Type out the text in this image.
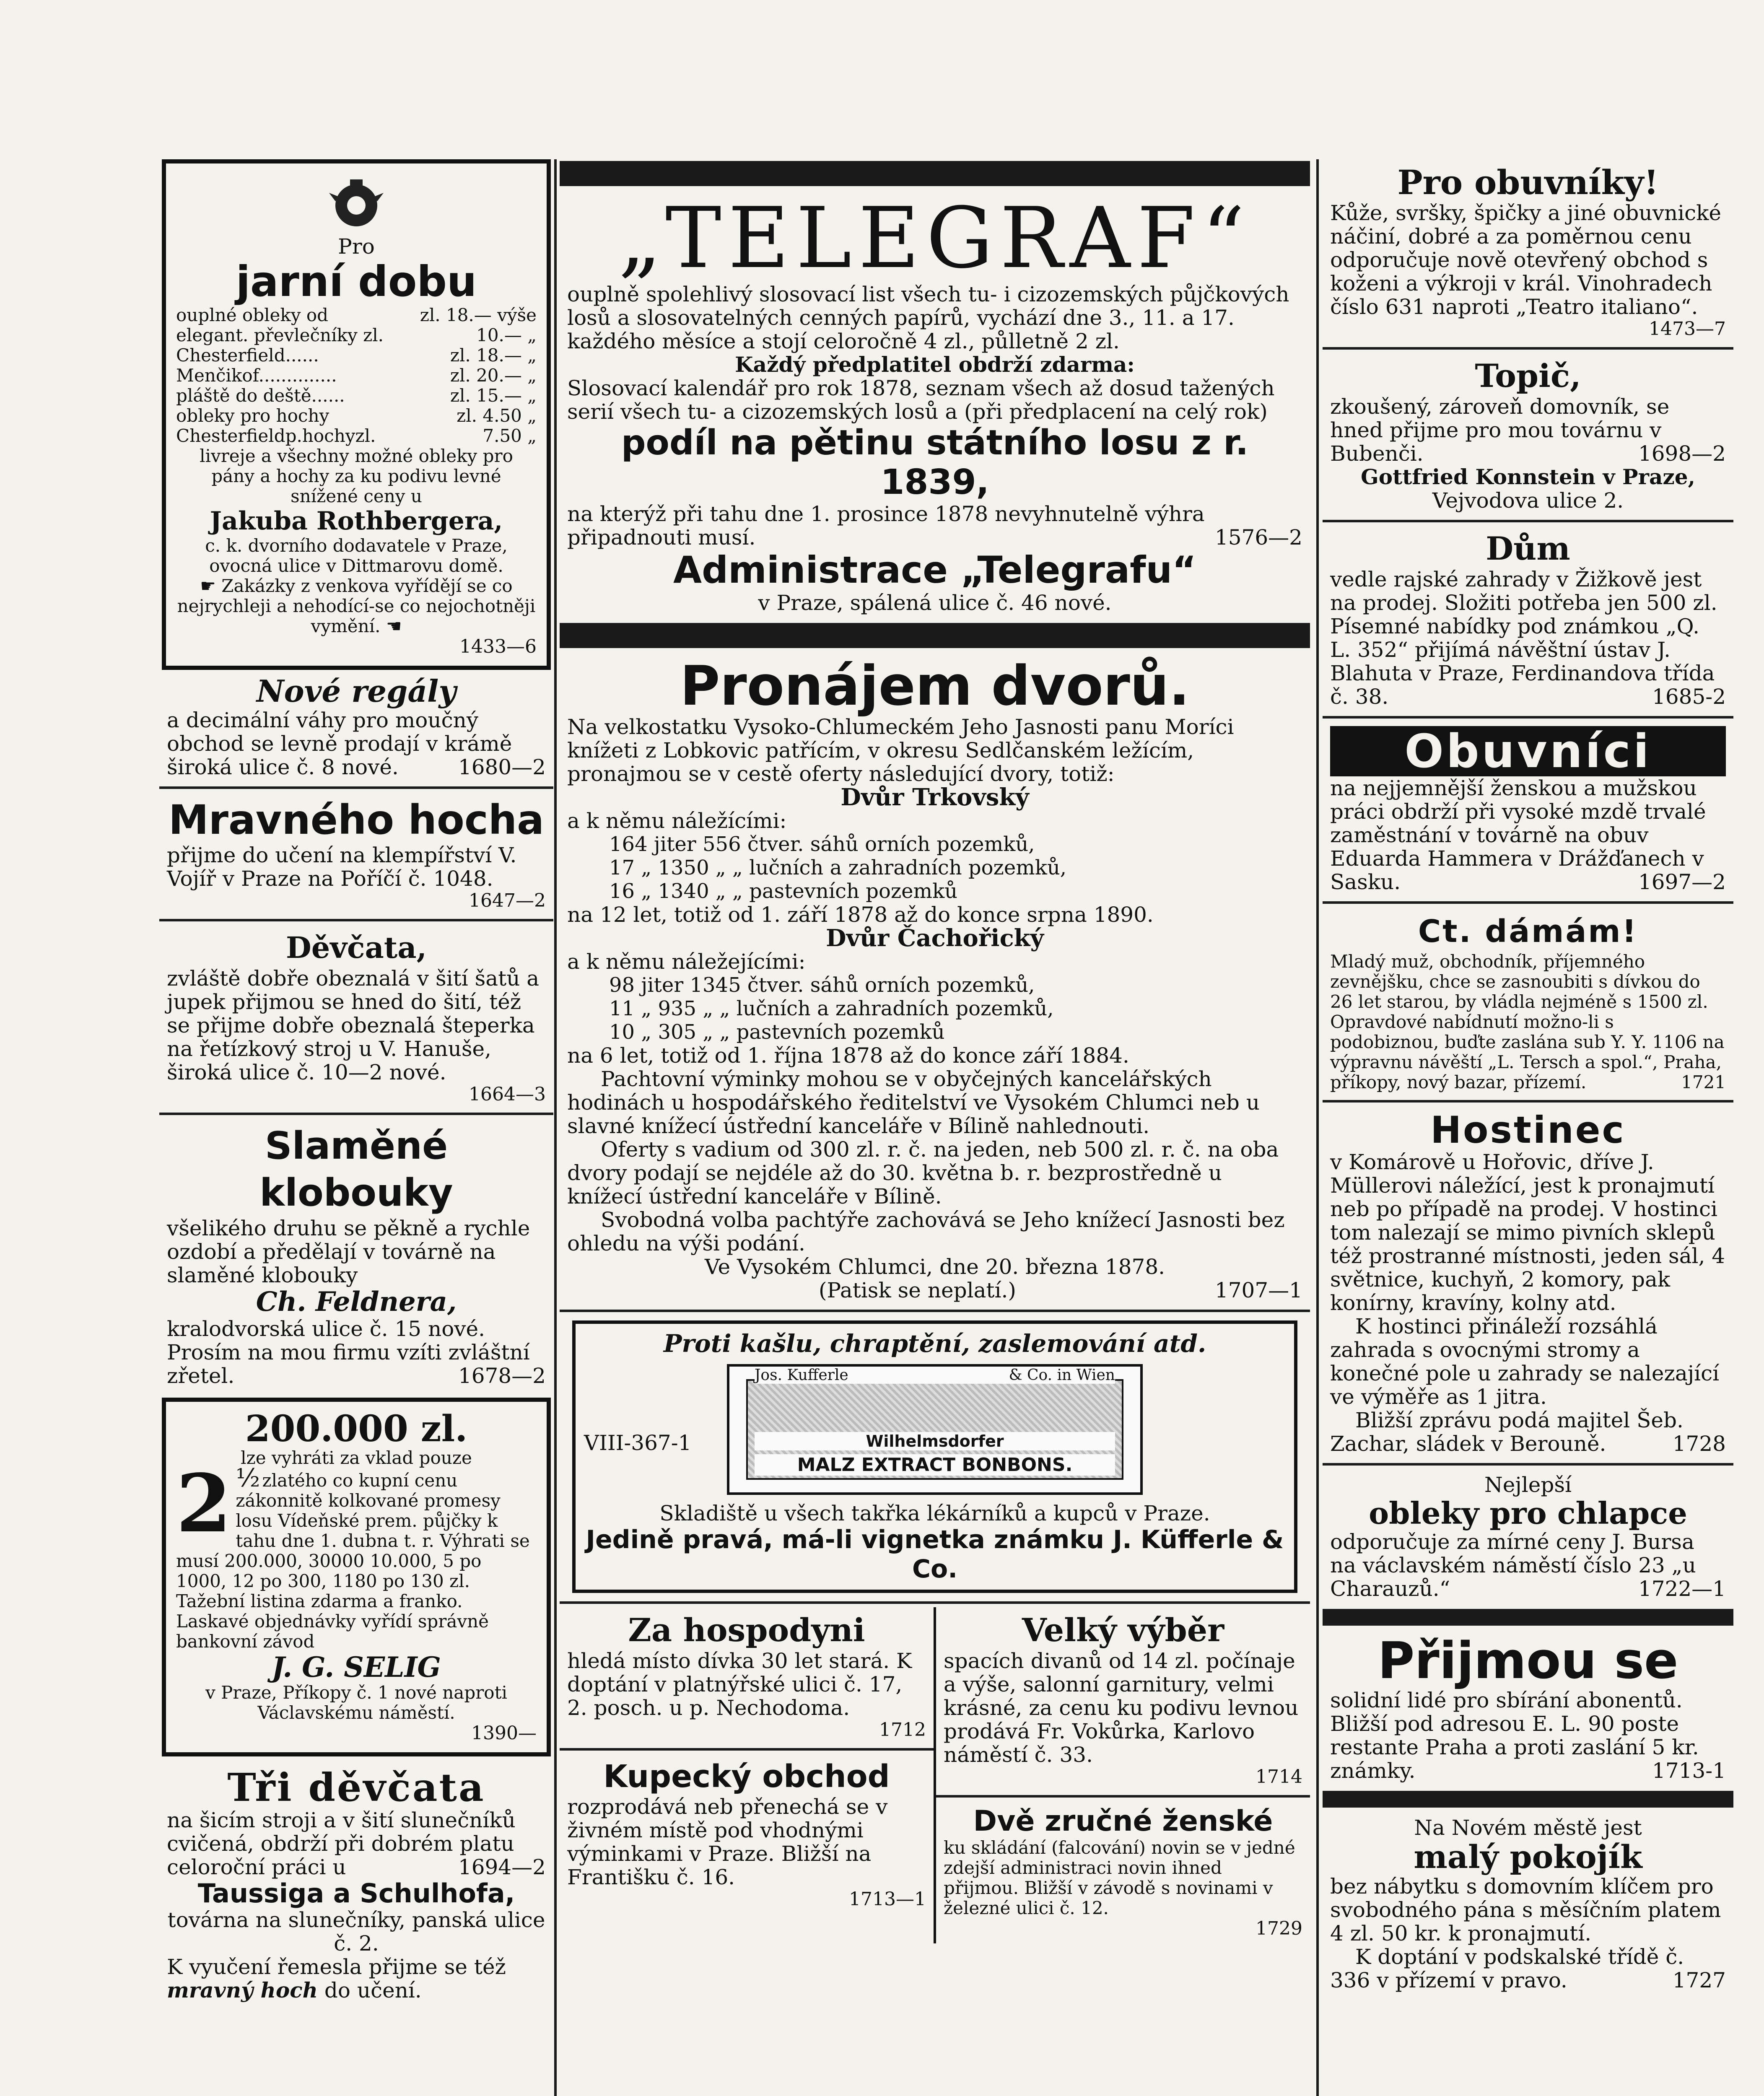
Pro

jarní dobu

ouplné obleky od	zl. 18.— výše
elegant. převlečníky zl.	10.— „
Chesterfield......	zl. 18.— „
Menčikof..............	zl. 20.— „
pláště do deště......	zl. 15.— „
obleky pro hochy	zl. 4.50 „
Chesterfieldp.hochyzl.	7.50 „

livreje a všechny možné obleky pro pány a hochy za ku podivu levné snížené ceny u

Jakuba Rothbergera,

c. k. dvorního dodavatele v Praze, ovocná ulice v Dittmarovu domě.

☛ Zakázky z venkova vyřídějí se co nejrychleji a nehodící-se co nejochotněji vymění. ☚

1433—6

Nové regály

a decimální váhy pro moučný obchod se levně prodají v krámě široká ulice č. 8 nové.	1680—2

Mravného hocha

přijme do učení na klempířství V. Vojíř v Praze na Poříčí č. 1048.

1647—2

Děvčata,

zvláště dobře obeznalá v šití šatů a jupek přijmou se hned do šití, též se přijme dobře obeznalá šteperka na řetízkový stroj u V. Hanuše, široká ulice č. 10—2 nové.

1664—3

Slaměné klobouky

všelikého druhu se pěkně a rychle ozdobí a předělají v továrně na slaměné klobouky

Ch. Feldnera,

kralodvorská ulice č. 15 nové. Prosím na mou firmu vzíti zvláštní zřetel.	1678—2

200.000 zl.

lze vyhráti za vklad pouze

2 ½ zlatého co kupní cenu zákonnitě kolkované promesy losu Vídeňské prem. půjčky k tahu dne 1. dubna t. r. Výhrati se musí 200.000, 30000 10.000, 5 po 1000, 12 po 300, 1180 po 130 zl. Tažební listina zdarma a franko. Laskavé objednávky vyřídí správně bankovní závod

J. G. SELIG

v Praze, Příkopy č. 1 nové naproti Václavskému náměstí.

1390—

Tři děvčata

na šicím stroji a v šití slunečníků cvičená, obdrží při dobrém platu celoroční práci u	1694—2

Taussiga a Schulhofa,

továrna na slunečníky, panská ulice č. 2.

K vyučení řemesla přijme se též mravný hoch do učení.

„TELEGRAF“

ouplně spolehlivý slosovací list všech tu- i cizozemských půjčkových losů a slosovatelných cenných papírů, vychází dne 3., 11. a 17. každého měsíce a stojí celoročně 4 zl., půlletně 2 zl.

Každý předplatitel obdrží zdarma:

Slosovací kalendář pro rok 1878, seznam všech až dosud tažených serií všech tu- a cizozemských losů a (při předplacení na celý rok)

podíl na pětinu státního losu z r. 1839,

na kterýž při tahu dne 1. prosince 1878 nevyhnutelně výhra připadnouti musí.	1576—2

Administrace „Telegrafu“

v Praze, spálená ulice č. 46 nové.

Pronájem dvorů.

Na velkostatku Vysoko-Chlumeckém Jeho Jasnosti panu Moríci knížeti z Lobkovic patřícím, v okresu Sedlčanském ležícím, pronajmou se v cestě oferty následující dvory, totiž:

Dvůr Trkovský

a k němu náležícími:

164 jiter 556 čtver. sáhů orních pozemků,

17 „ 1350 „ „ lučních a zahradních pozemků,

16 „ 1340 „ „ pastevních pozemků

na 12 let, totiž od 1. září 1878 až do konce srpna 1890.

Dvůr Čachořický

a k němu náležejícími:

98 jiter 1345 čtver. sáhů orních pozemků,

11 „ 935 „ „ lučních a zahradních pozemků,

10 „ 305 „ „ pastevních pozemků

na 6 let, totiž od 1. října 1878 až do konce září 1884.

Pachtovní výminky mohou se v obyčejných kancelářských hodinách u hospodářského ředitelství ve Vysokém Chlumci neb u slavné knížecí ústřední kanceláře v Bílině nahlednouti.

Oferty s vadium od 300 zl. r. č. na jeden, neb 500 zl. r. č. na oba dvory podají se nejdéle až do 30. května b. r. bezprostředně u knížecí ústřední kanceláře v Bílině.

Svobodná volba pachtýře zachovává se Jeho knížecí Jasnosti bez ohledu na výši podání.

Ve Vysokém Chlumci, dne 20. března 1878.

(Patisk se neplatí.)	1707—1

Proti kašlu, chraptění, zaslemování atd.

VIII-367-1
Jos. Kufferle	& Co. in Wien

Wilhelmsdorfer

MALZ EXTRACT BONBONS.

Skladiště u všech takřka lékárníků a kupců v Praze.

Jedině pravá, má-li vignetka známku J. Küfferle & Co.

Za hospodyni

hledá místo dívka 30 let stará. K doptání v platnýřské ulici č. 17, 2. posch. u p. Nechodoma.

1712

Kupecký obchod

rozprodává neb přenechá se v živném místě pod vhodnými výminkami v Praze. Bližší na Františku č. 16.

1713—1

Velký výběr

spacích divanů od 14 zl. počínaje a výše, salonní garnitury, velmi krásné, za cenu ku podivu levnou prodává Fr. Vokůrka, Karlovo náměstí č. 33.

1714

Dvě zručné ženské

ku skládání (falcování) novin se v jedné zdejší administraci novin ihned přijmou. Bližší v závodě s novinami v železné ulici č. 12.

1729

Pro obuvníky!

Kůže, svršky, špičky a jiné obuvnické náčiní, dobré a za poměrnou cenu odporučuje nově otevřený obchod s koženi a výkroji v král. Vinohradech číslo 631 naproti „Teatro italiano“.

1473—7

Topič,

zkoušený, zároveň domovník, se hned přijme pro mou továrnu v Bubenči.	1698—2

Gottfried Konnstein v Praze,

Vejvodova ulice 2.

Dům

vedle rajské zahrady v Žižkově jest na prodej. Složiti potřeba jen 500 zl. Písemné nabídky pod známkou „Q. L. 352“ přijímá návěštní ústav J. Blahuta v Praze, Ferdinandova třída č. 38.	1685-2

Obuvníci

na nejjemnější ženskou a mužskou práci obdrží při vysoké mzdě trvalé zaměstnání v továrně na obuv Eduarda Hammera v Drážďanech v Sasku.	1697—2

Ct. dámám!

Mladý muž, obchodník, příjemného zevnějšku, chce se zasnoubiti s dívkou do 26 let starou, by vládla nejméně s 1500 zl. Opravdové nabídnutí možno-li s podobiznou, buďte zaslána sub Y. Y. 1106 na výpravnu návěští „L. Tersch a spol.“, Praha, příkopy, nový bazar, přízemí.	1721

Hostinec

v Komárově u Hořovic, dříve J. Müllerovi náležící, jest k pronajmutí neb po případě na prodej. V hostinci tom nalezají se mimo pivních sklepů též prostranné místnosti, jeden sál, 4 světnice, kuchyň, 2 komory, pak konírny, kravíny, kolny atd.

K hostinci přináleží rozsáhlá zahrada s ovocnými stromy a konečné pole u zahrady se nalezající ve výměře as 1 jitra.

Bližší zprávu podá majitel Šeb. Zachar, sládek v Berouně.	1728

Nejlepší

obleky pro chlapce

odporučuje za mírné ceny J. Bursa na václavském náměstí číslo 23 „u Charauzů.“	1722—1

Přijmou se

solidní lidé pro sbírání abonentů. Bližší pod adresou E. L. 90 poste restante Praha a proti zaslání 5 kr. známky.	1713-1

Na Novém městě jest

malý pokojík

bez nábytku s domovním klíčem pro svobodného pána s měsíčním platem 4 zl. 50 kr. k pronajmutí.

K doptání v podskalské třídě č. 336 v přízemí v pravo.	1727
